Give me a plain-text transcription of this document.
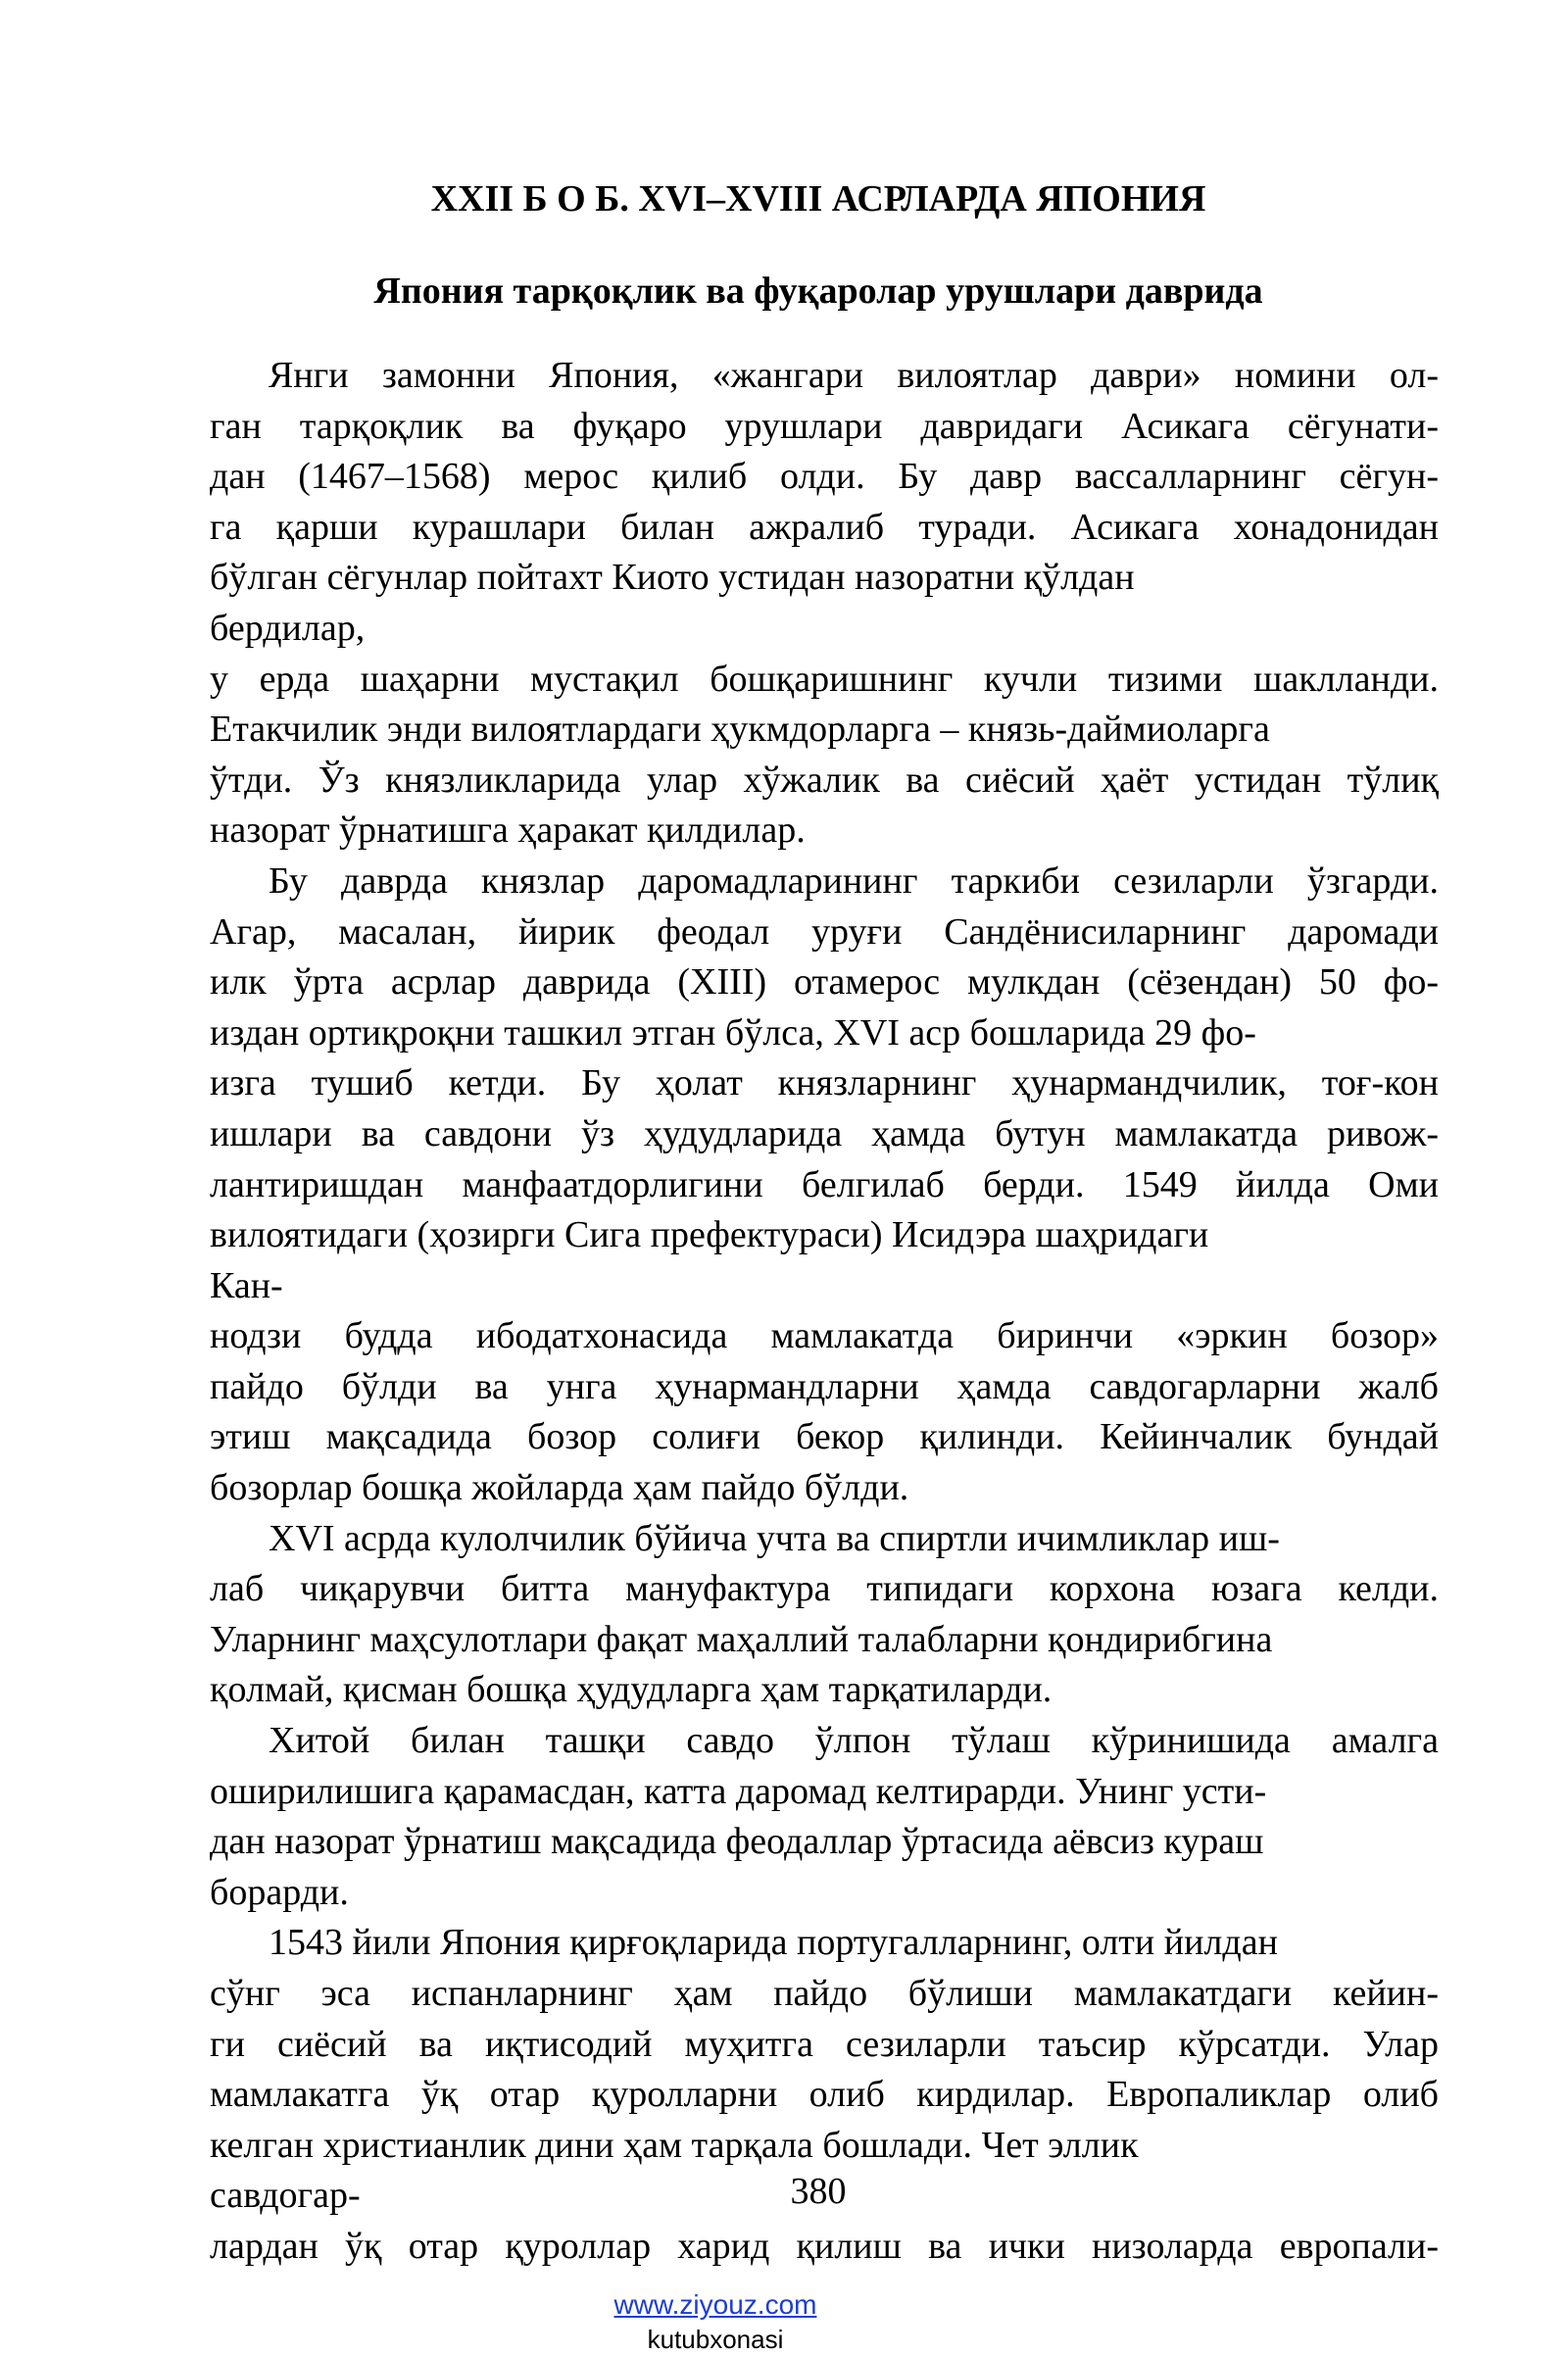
XXII Б О Б. XVI–XVIII АСРЛАРДА ЯПОНИЯ
Япония тарқоқлик ва фуқаролар урушлари даврида
Янги замонни Япония, «жангари вилоятлар даври» номини ол-
ган тарқоқлик ва фуқаро урушлари давридаги Асикага сёгунати-
дан (1467–1568) мерос қилиб олди. Бу давр вассалларнинг сёгун-
га қарши курашлари билан ажралиб туради. Асикага хонадонидан
бўлган сёгунлар пойтахт Киото устидан назоратни қўлдан
бердилар,
у ерда шаҳарни мустақил бошқаришнинг кучли тизими шаклланди.
Етакчилик энди вилоятлардаги ҳукмдорларга – князь-даймиоларга
ўтди. Ўз князликларида улар хўжалик ва сиёсий ҳаёт устидан тўлиқ
назорат ўрнатишга ҳаракат қилдилар.
Бу даврда князлар даромадларининг таркиби сезиларли ўзгарди.
Агар, масалан, йирик феодал уруғи Сандёнисиларнинг даромади
илк ўрта асрлар даврида (XIII) отамерос мулкдан (сёзендан) 50 фо-
издан ортиқроқни ташкил этган бўлса, XVI аср бошларида 29 фо-
изга тушиб кетди. Бу ҳолат князларнинг ҳунармандчилик, тоғ-кон
ишлари ва савдони ўз ҳудудларида ҳамда бутун мамлакатда ривож-
лантиришдан манфаатдорлигини белгилаб берди. 1549 йилда Оми
вилоятидаги (ҳозирги Сига префектураси) Исидэра шаҳридаги
Кан-
нодзи будда ибодатхонасида мамлакатда биринчи «эркин бозор»
пайдо бўлди ва унга ҳунармандларни ҳамда савдогарларни жалб
этиш мақсадида бозор солиғи бекор қилинди. Кейинчалик бундай
бозорлар бошқа жойларда ҳам пайдо бўлди.
XVI асрда кулолчилик бўйича учта ва спиртли ичимликлар иш-
лаб чиқарувчи битта мануфактура типидаги корхона юзага келди.
Уларнинг маҳсулотлари фақат маҳаллий талабларни қондирибгина
қолмай, қисман бошқа ҳудудларга ҳам тарқатиларди.
Хитой билан ташқи савдо ўлпон тўлаш кўринишида амалга
оширилишига қарамасдан, катта даромад келтирарди. Унинг усти-
дан назорат ўрнатиш мақсадида феодаллар ўртасида аёвсиз кураш
борарди.
1543 йили Япония қирғоқларида португалларнинг, олти йилдан
сўнг эса испанларнинг ҳам пайдо бўлиши мамлакатдаги кейин-
ги сиёсий ва иқтисодий муҳитга сезиларли таъсир кўрсатди. Улар
мамлакатга ўқ отар қуролларни олиб кирдилар. Европаликлар олиб
келган христианлик дини ҳам тарқала бошлади. Чет эллик
савдогар-
лардан ўқ отар қуроллар харид қилиш ва ички низоларда европали-
380
www.ziyouz.com
kutubxonasi
